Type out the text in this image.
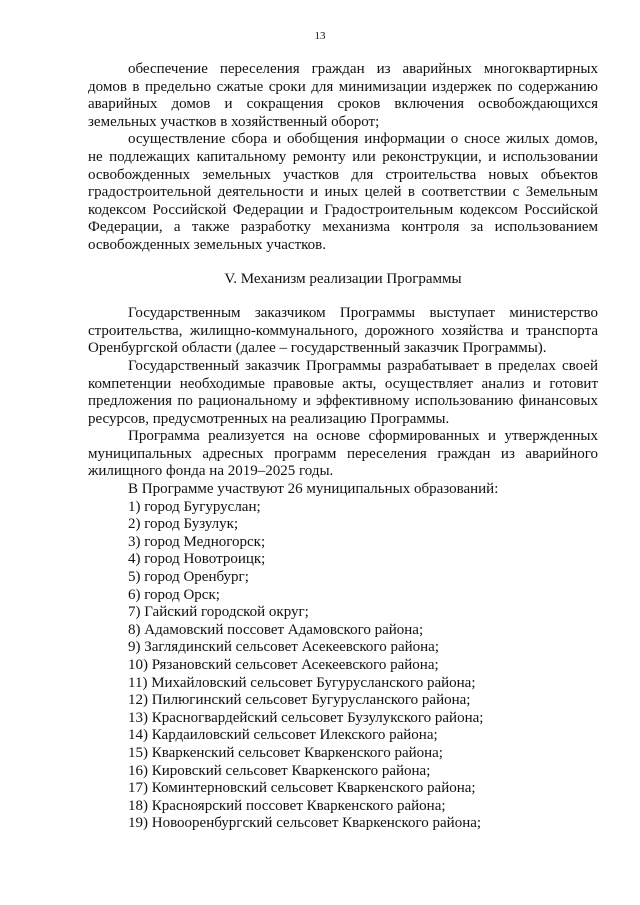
13

обеспечение переселения граждан из аварийных многоквартирных домов в предельно сжатые сроки для минимизации издержек по содержанию аварийных домов и сокращения сроков включения освобождающихся земельных участков в хозяйственный оборот;

осуществление сбора и обобщения информации о сносе жилых домов, не подлежащих капитальному ремонту или реконструкции, и использовании освобожденных земельных участков для строительства новых объектов градостроительной деятельности и иных целей в соответствии с Земельным кодексом Российской Федерации и Градостроительным кодексом Российской Федерации, а также разработку механизма контроля за использованием освобожденных земельных участков.

V. Механизм реализации Программы

Государственным заказчиком Программы выступает министерство строительства, жилищно-коммунального, дорожного хозяйства и транспорта Оренбургской области (далее – государственный заказчик Программы).

Государственный заказчик Программы разрабатывает в пределах своей компетенции необходимые правовые акты, осуществляет анализ и готовит предложения по рациональному и эффективному использованию финансовых ресурсов, предусмотренных на реализацию Программы.

Программа реализуется на основе сформированных и утвержденных муниципальных адресных программ переселения граждан из аварийного жилищного фонда на 2019–2025 годы.

В Программе участвуют 26 муниципальных образований:

1) город Бугуруслан;
2) город Бузулук;
3) город Медногорск;
4) город Новотроицк;
5) город Оренбург;
6) город Орск;
7) Гайский городской округ;
8) Адамовский поссовет Адамовского района;
9) Заглядинский сельсовет Асекеевского района;
10) Рязановский сельсовет Асекеевского района;
11) Михайловский сельсовет Бугурусланского района;
12) Пилюгинский сельсовет Бугурусланского района;
13) Красногвардейский сельсовет Бузулукского района;
14) Кардаиловский сельсовет Илекского района;
15) Кваркенский сельсовет Кваркенского района;
16) Кировский сельсовет Кваркенского района;
17) Коминтерновский сельсовет Кваркенского района;
18) Красноярский поссовет Кваркенского района;
19) Новооренбургский сельсовет Кваркенского района;
